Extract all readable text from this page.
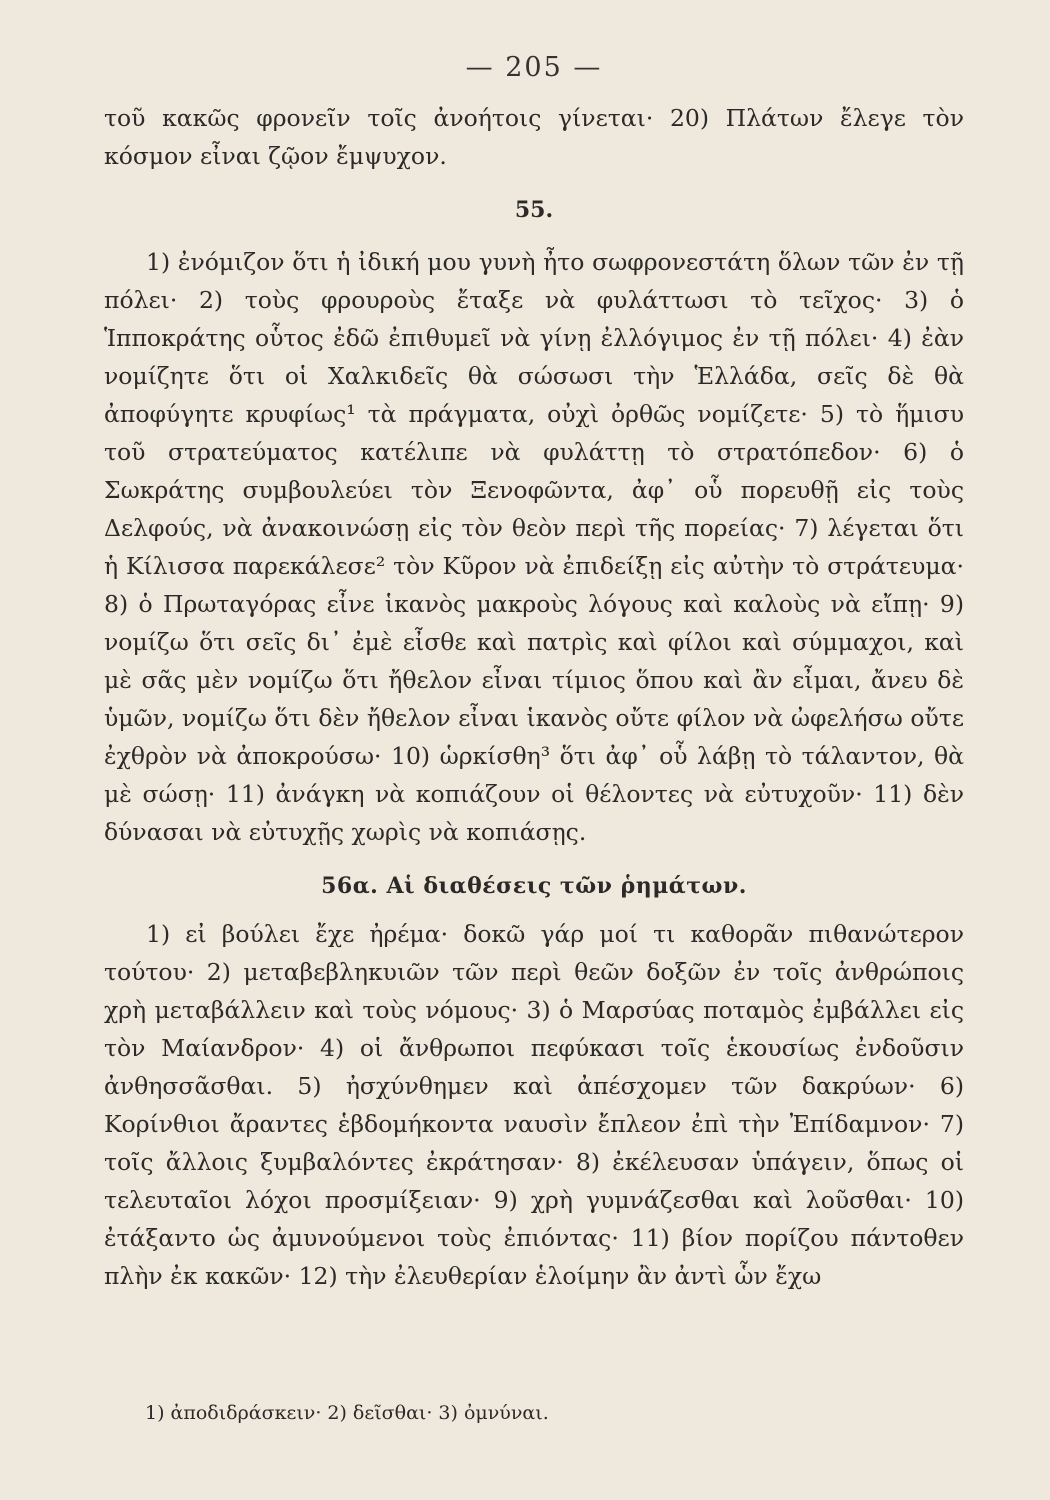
— 205 —

τοῦ κακῶς φρονεῖν τοῖς ἀνοήτοις γίνεται· 20) Πλάτων ἔλεγε τὸν κόσμον εἶναι ζῷον ἔμψυχον.

55.

1) ἐνόμιζον ὅτι ἡ ἰδική μου γυνὴ ἦτο σωφρονεστάτη ὅλων τῶν ἐν τῇ πόλει· 2) τοὺς φρουροὺς ἔταξε νὰ φυλάττωσι τὸ τεῖχος· 3) ὁ Ἱπποκράτης οὗτος ἐδῶ ἐπιθυμεῖ νὰ γίνῃ ἐλλόγιμος ἐν τῇ πόλει· 4) ἐὰν νομίζητε ὅτι οἱ Χαλκιδεῖς θὰ σώσωσι τὴν Ἑλλάδα, σεῖς δὲ θὰ ἀποφύγητε κρυφίως¹ τὰ πράγματα, οὐχὶ ὀρθῶς νομίζετε· 5) τὸ ἥμισυ τοῦ στρατεύματος κατέλιπε νὰ φυλάττῃ τὸ στρατόπεδον· 6) ὁ Σωκράτης συμβουλεύει τὸν Ξενοφῶντα, ἀφ᾽ οὗ πορευθῇ εἰς τοὺς Δελφούς, νὰ ἀνακοινώσῃ εἰς τὸν θεὸν περὶ τῆς πορείας· 7) λέγεται ὅτι ἡ Κίλισσα παρεκάλεσε² τὸν Κῦρον νὰ ἐπιδείξῃ εἰς αὐτὴν τὸ στράτευμα· 8) ὁ Πρωταγόρας εἶνε ἱκανὸς μακροὺς λόγους καὶ καλοὺς νὰ εἴπῃ· 9) νομίζω ὅτι σεῖς δι᾽ ἐμὲ εἶσθε καὶ πατρὶς καὶ φίλοι καὶ σύμμαχοι, καὶ μὲ σᾶς μὲν νομίζω ὅτι ἤθελον εἶναι τίμιος ὅπου καὶ ἂν εἶμαι, ἄνευ δὲ ὑμῶν, νομίζω ὅτι δὲν ἤθελον εἶναι ἱκανὸς οὔτε φίλον νὰ ὠφελήσω οὔτε ἐχθρὸν νὰ ἀποκρούσω· 10) ὡρκίσθη³ ὅτι ἀφ᾽ οὗ λάβῃ τὸ τάλαντον, θὰ μὲ σώσῃ· 11) ἀνάγκη νὰ κοπιάζουν οἱ θέλοντες νὰ εὐτυχοῦν· 11) δὲν δύνασαι νὰ εὐτυχῇς χωρὶς νὰ κοπιάσῃς.

56α. Αἱ διαθέσεις τῶν ῥημάτων.

1) εἰ βούλει ἔχε ἠρέμα· δοκῶ γάρ μοί τι καθορᾶν πιθανώτερον τούτου· 2) μεταβεβληκυιῶν τῶν περὶ θεῶν δοξῶν ἐν τοῖς ἀνθρώποις χρὴ μεταβάλλειν καὶ τοὺς νόμους· 3) ὁ Μαρσύας ποταμὸς ἐμβάλλει εἰς τὸν Μαίανδρον· 4) οἱ ἄνθρωποι πεφύκασι τοῖς ἑκουσίως ἐνδοῦσιν ἀνθησσᾶσθαι. 5) ἠσχύνθημεν καὶ ἀπέσχομεν τῶν δακρύων· 6) Κορίνθιοι ἄραντες ἑβδομήκοντα ναυσὶν ἔπλεον ἐπὶ τὴν Ἐπίδαμνον· 7) τοῖς ἄλλοις ξυμβαλόντες ἐκράτησαν· 8) ἐκέλευσαν ὑπάγειν, ὅπως οἱ τελευταῖοι λόχοι προσμίξειαν· 9) χρὴ γυμνάζεσθαι καὶ λοῦσθαι· 10) ἐτάξαντο ὡς ἀμυνούμενοι τοὺς ἐπιόντας· 11) βίον πορίζου πάντοθεν πλὴν ἐκ κακῶν· 12) τὴν ἐλευθερίαν ἑλοίμην ἂν ἀντὶ ὧν ἔχω

1) ἀποδιδράσκειν· 2) δεῖσθαι· 3) ὀμνύναι.
